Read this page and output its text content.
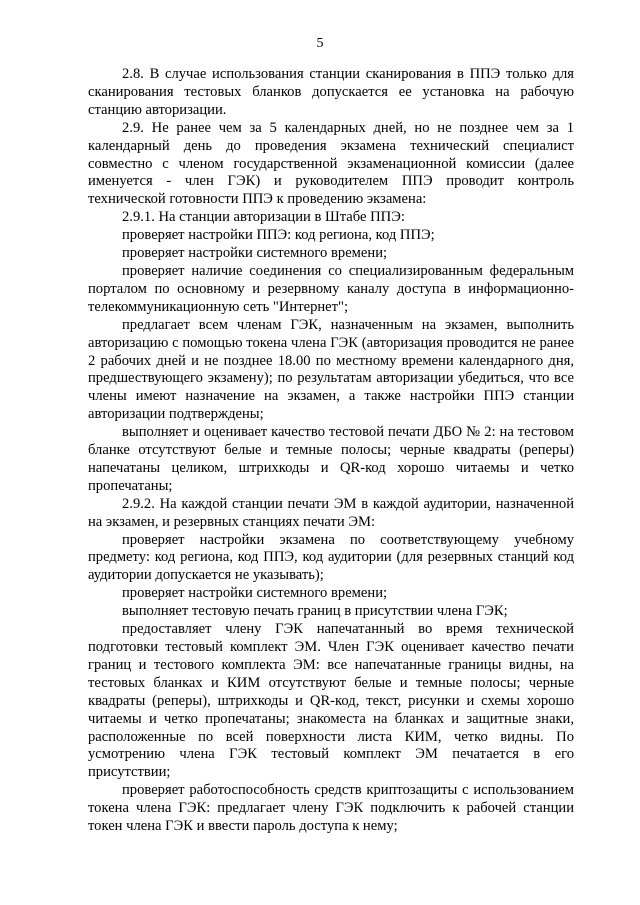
5

2.8. В случае использования станции сканирования в ППЭ только для сканирования тестовых бланков допускается ее установка на рабочую станцию авторизации.

2.9. Не ранее чем за 5 календарных дней, но не позднее чем за 1 календарный день до проведения экзамена технический специалист совместно с членом государственной экзаменационной комиссии (далее именуется - член ГЭК) и руководителем ППЭ проводит контроль технической готовности ППЭ к проведению экзамена:

2.9.1. На станции авторизации в Штабе ППЭ:

проверяет настройки ППЭ: код региона, код ППЭ;

проверяет настройки системного времени;

проверяет наличие соединения со специализированным федеральным порталом по основному и резервному каналу доступа в информационно-телекоммуникационную сеть "Интернет";

предлагает всем членам ГЭК, назначенным на экзамен, выполнить авторизацию с помощью токена члена ГЭК (авторизация проводится не ранее 2 рабочих дней и не позднее 18.00 по местному времени календарного дня, предшествующего экзамену); по результатам авторизации убедиться, что все члены имеют назначение на экзамен, а также настройки ППЭ станции авторизации подтверждены;

выполняет и оценивает качество тестовой печати ДБО № 2: на тестовом бланке отсутствуют белые и темные полосы; черные квадраты (реперы) напечатаны целиком, штрихкоды и QR-код хорошо читаемы и четко пропечатаны;

2.9.2. На каждой станции печати ЭМ в каждой аудитории, назначенной на экзамен, и резервных станциях печати ЭМ:

проверяет настройки экзамена по соответствующему учебному предмету: код региона, код ППЭ, код аудитории (для резервных станций код аудитории допускается не указывать);

проверяет настройки системного времени;

выполняет тестовую печать границ в присутствии члена ГЭК;

предоставляет члену ГЭК напечатанный во время технической подготовки тестовый комплект ЭМ. Член ГЭК оценивает качество печати границ и тестового комплекта ЭМ: все напечатанные границы видны, на тестовых бланках и КИМ отсутствуют белые и темные полосы; черные квадраты (реперы), штрихкоды и QR-код, текст, рисунки и схемы хорошо читаемы и четко пропечатаны; знакоместа на бланках и защитные знаки, расположенные по всей поверхности листа КИМ, четко видны. По усмотрению члена ГЭК тестовый комплект ЭМ печатается в его присутствии;

проверяет работоспособность средств криптозащиты с использованием токена члена ГЭК: предлагает члену ГЭК подключить к рабочей станции токен члена ГЭК и ввести пароль доступа к нему;
